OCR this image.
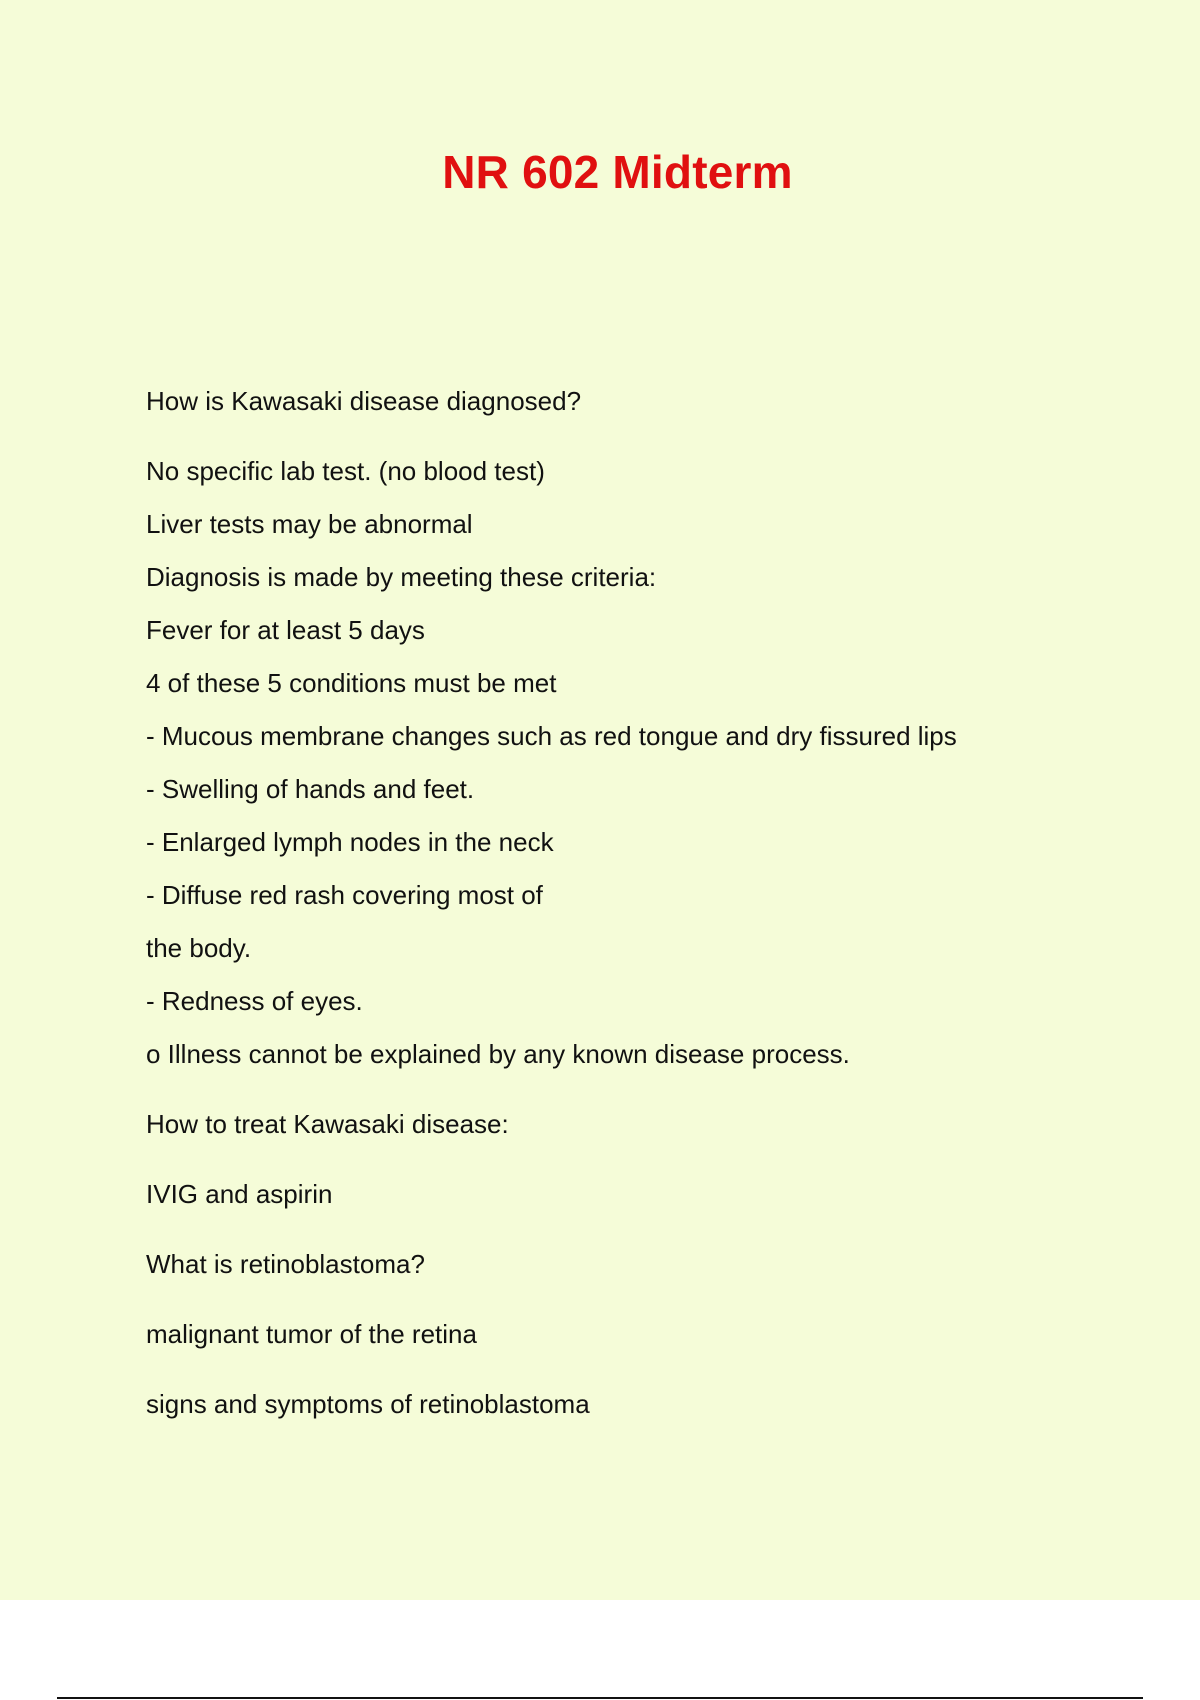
NR 602 Midterm

How is Kawasaki disease diagnosed?

No specific lab test. (no blood test)

Liver tests may be abnormal

Diagnosis is made by meeting these criteria:

Fever for at least 5 days

4 of these 5 conditions must be met

- Mucous membrane changes such as red tongue and dry fissured lips

- Swelling of hands and feet.

- Enlarged lymph nodes in the neck

- Diffuse red rash covering most of

the body.

- Redness of eyes.

o Illness cannot be explained by any known disease process.

How to treat Kawasaki disease:

IVIG and aspirin

What is retinoblastoma?

malignant tumor of the retina

signs and symptoms of retinoblastoma
